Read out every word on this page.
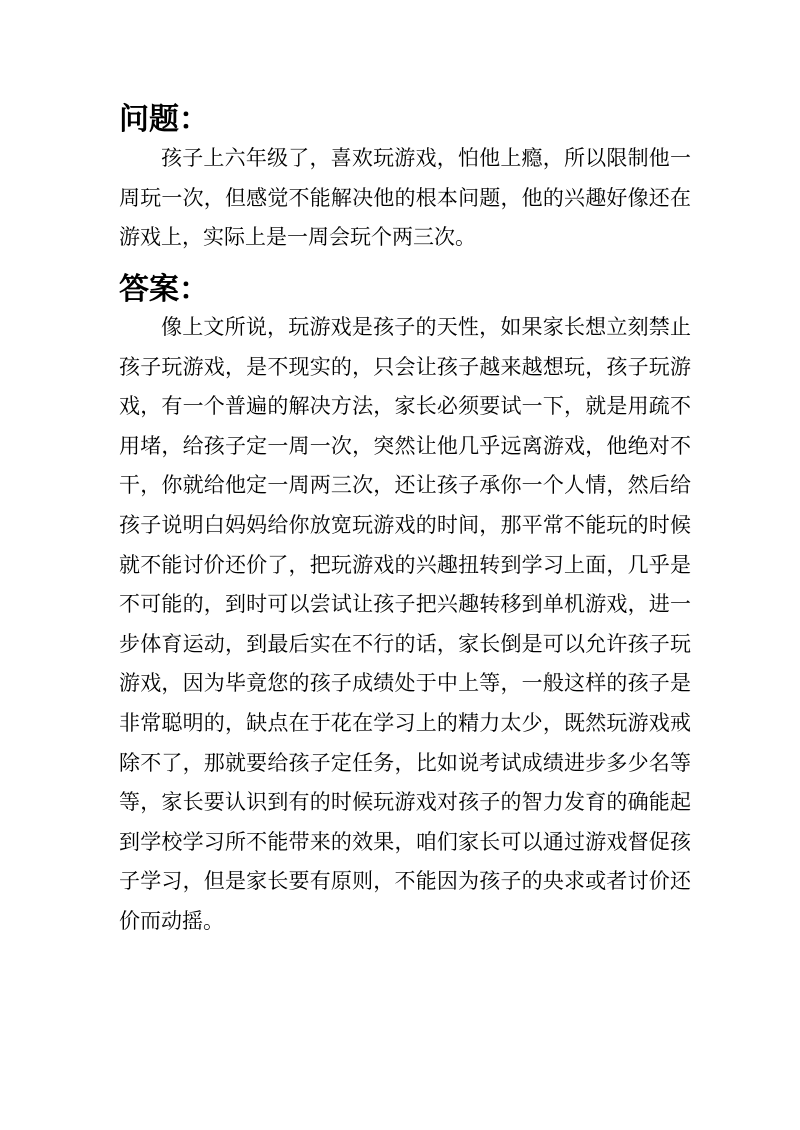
问题：

孩子上六年级了，喜欢玩游戏，怕他上瘾，所以限制他一周玩一次，但感觉不能解决他的根本问题，他的兴趣好像还在游戏上，实际上是一周会玩个两三次。

答案：

像上文所说，玩游戏是孩子的天性，如果家长想立刻禁止孩子玩游戏，是不现实的，只会让孩子越来越想玩，孩子玩游戏，有一个普遍的解决方法，家长必须要试一下，就是用疏不用堵，给孩子定一周一次，突然让他几乎远离游戏，他绝对不干，你就给他定一周两三次，还让孩子承你一个人情，然后给孩子说明白妈妈给你放宽玩游戏的时间，那平常不能玩的时候就不能讨价还价了，把玩游戏的兴趣扭转到学习上面，几乎是不可能的，到时可以尝试让孩子把兴趣转移到单机游戏，进一步体育运动，到最后实在不行的话，家长倒是可以允许孩子玩游戏，因为毕竟您的孩子成绩处于中上等，一般这样的孩子是非常聪明的，缺点在于花在学习上的精力太少，既然玩游戏戒除不了，那就要给孩子定任务，比如说考试成绩进步多少名等等，家长要认识到有的时候玩游戏对孩子的智力发育的确能起到学校学习所不能带来的效果，咱们家长可以通过游戏督促孩子学习，但是家长要有原则，不能因为孩子的央求或者讨价还价而动摇。
